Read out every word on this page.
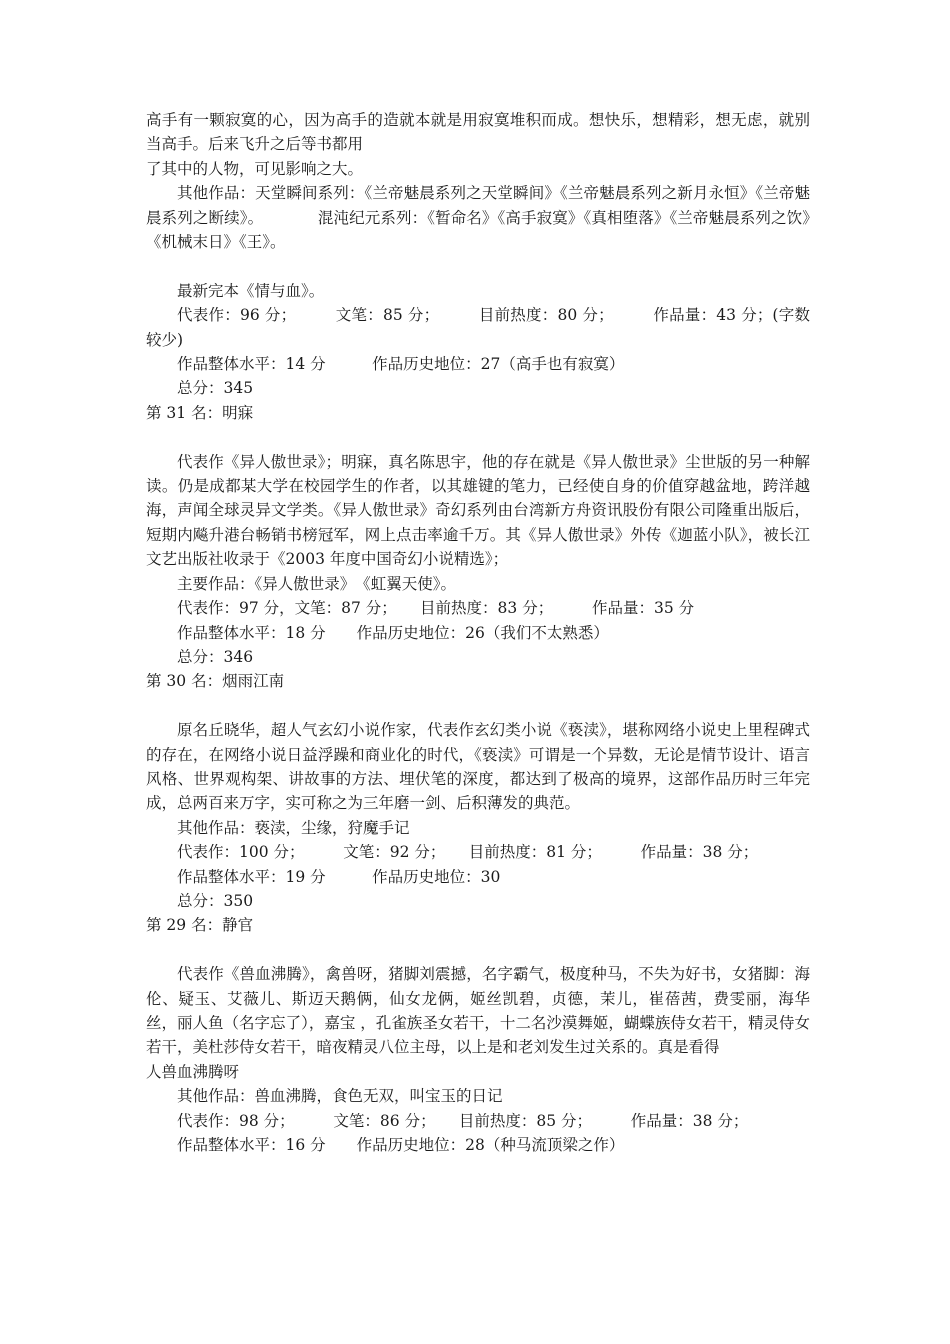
高手有一颗寂寞的心，因为高手的造就本就是用寂寞堆积而成。想快乐，想精彩，想无虑，就别当高手。后来飞升之后等书都用

了其中的人物，可见影响之大。

其他作品：天堂瞬间系列：《兰帝魅晨系列之天堂瞬间》《兰帝魅晨系列之新月永恒》《兰帝魅晨系列之断续》。　　　　混沌纪元系列：《暂命名》《高手寂寞》《真相堕落》《兰帝魅晨系列之饮》《机械末日》《王》。

最新完本《情与血》。

代表作：96 分；　　　	文笔：85 分；　　　	目前热度：80 分；　　　	作品量：43 分；(字数较少)

作品整体水平：14 分　　　作品历史地位：27（高手也有寂寞）

总分：345

第 31 名：明寐

代表作《异人傲世录》；明寐，真名陈思宇，他的存在就是《异人傲世录》尘世版的另一种解读。仍是成都某大学在校园学生的作者，以其雄键的笔力，已经使自身的价值穿越盆地，跨洋越海，声闻全球灵异文学类。《异人傲世录》奇幻系列由台湾新方舟资讯股份有限公司隆重出版后，短期内飚升港台畅销书榜冠军，网上点击率逾千万。其《异人傲世录》外传《迦蓝小队》，被长江文艺出版社收录于《2003 年度中国奇幻小说精选》；

主要作品：《异人傲世录》　《虹翼天使》。

代表作：97 分，文笔：87 分；　　目前热度：83 分；　　　作品量：35 分

作品整体水平：18 分　　作品历史地位：26（我们不太熟悉）

总分：346

第 30 名：烟雨江南

原名丘晓华，超人气玄幻小说作家，代表作玄幻类小说《亵渎》，堪称网络小说史上里程碑式的存在，在网络小说日益浮躁和商业化的时代，《亵渎》可谓是一个异数，无论是情节设计、语言风格、世界观构架、讲故事的方法、埋伏笔的深度，都达到了极高的境界，这部作品历时三年完成，总两百来万字，实可称之为三年磨一剑、后积薄发的典范。

其他作品：亵渎，尘缘，狩魔手记

代表作：100 分；　　　	文笔：92 分；　　 目前热度：81 分；　　　	作品量：38 分；

作品整体水平：19 分　　　作品历史地位：30

总分：350

第 29 名：静官

代表作《兽血沸腾》，禽兽呀，猪脚刘震撼，名字霸气，极度种马，不失为好书，女猪脚：海伦、疑玉、艾薇儿、斯迈天鹅俩，仙女龙俩，姬丝凯碧，贞德，茉儿，崔蓓茜，费雯丽，海华丝，丽人鱼（名字忘了），嘉宝 ，孔雀族圣女若干，十二名沙漠舞姬，蝴蝶族侍女若干，精灵侍女若干，美杜莎侍女若干，暗夜精灵八位主母，以上是和老刘发生过关系的。真是看得

人兽血沸腾呀

其他作品：兽血沸腾，食色无双，叫宝玉的日记

代表作：98 分；　　　	文笔：86 分；　　 目前热度：85 分；　　　	作品量：38 分；

作品整体水平：16 分　　作品历史地位：28（种马流顶梁之作）
